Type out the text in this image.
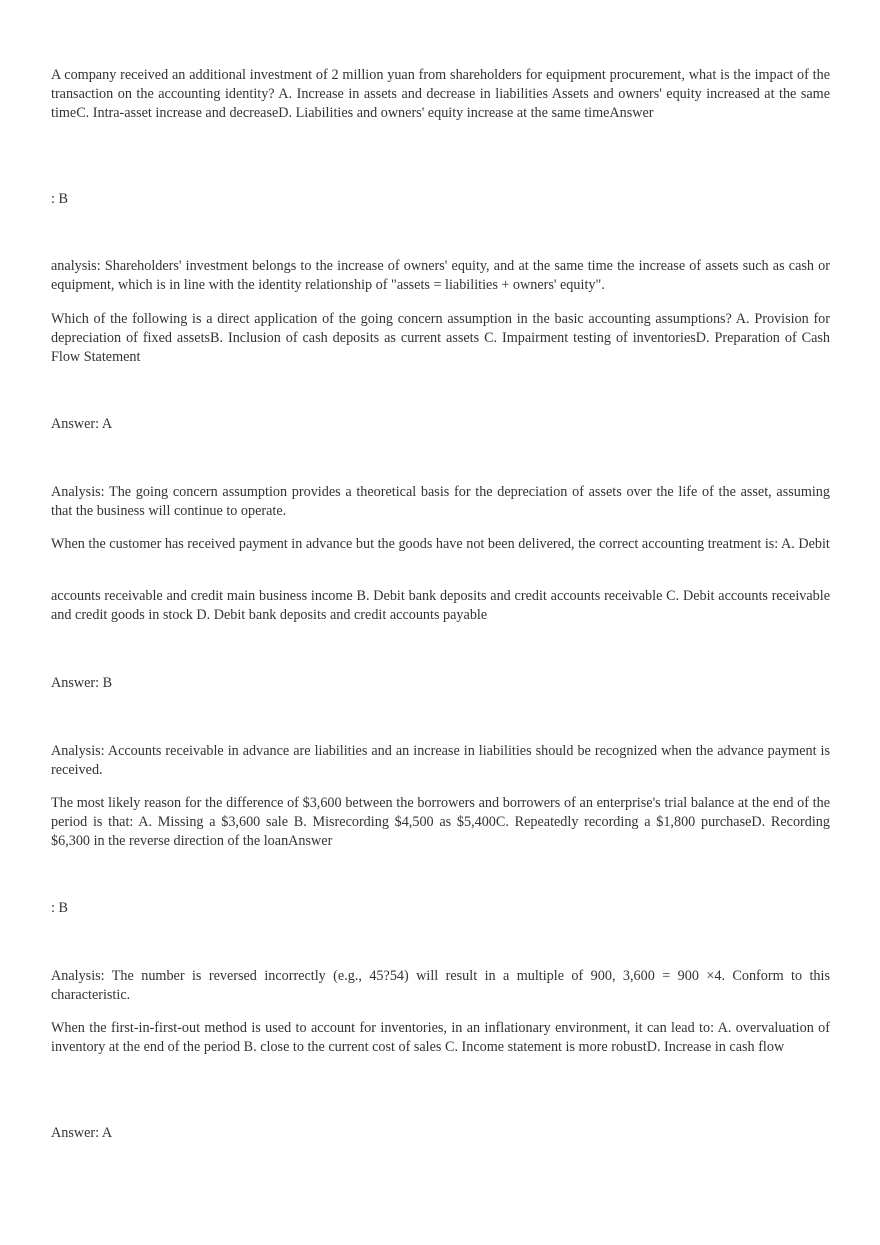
A company received an additional investment of 2 million yuan from shareholders for equipment procurement, what is the impact of the transaction on the accounting identity? A. Increase in assets and decrease in liabilities Assets and owners' equity increased at the same timeC. Intra-asset increase and decreaseD. Liabilities and owners' equity increase at the same timeAnswer

: B

analysis: Shareholders' investment belongs to the increase of owners' equity, and at the same time the increase of assets such as cash or equipment, which is in line with the identity relationship of "assets = liabilities + owners' equity".

Which of the following is a direct application of the going concern assumption in the basic accounting assumptions? A. Provision for depreciation of fixed assetsB. Inclusion of cash deposits as current assets C. Impairment testing of inventoriesD. Preparation of Cash Flow Statement

Answer: A

Analysis: The going concern assumption provides a theoretical basis for the depreciation of assets over the life of the asset, assuming that the business will continue to operate.

When the customer has received payment in advance but the goods have not been delivered, the correct accounting treatment is: A. Debit

accounts receivable and credit main business income B. Debit bank deposits and credit accounts receivable C. Debit accounts receivable and credit goods in stock D. Debit bank deposits and credit accounts payable

Answer: B

Analysis: Accounts receivable in advance are liabilities and an increase in liabilities should be recognized when the advance payment is received.

The most likely reason for the difference of $3,600 between the borrowers and borrowers of an enterprise's trial balance at the end of the period is that: A. Missing a $3,600 sale B. Misrecording $4,500 as $5,400C. Repeatedly recording a $1,800 purchaseD. Recording $6,300 in the reverse direction of the loanAnswer

: B

Analysis: The number is reversed incorrectly (e.g., 45?54) will result in a multiple of 900, 3,600 = 900 ×4. Conform to this characteristic.

When the first-in-first-out method is used to account for inventories, in an inflationary environment, it can lead to: A. overvaluation of inventory at the end of the period B. close to the current cost of sales C. Income statement is more robustD. Increase in cash flow

Answer: A
